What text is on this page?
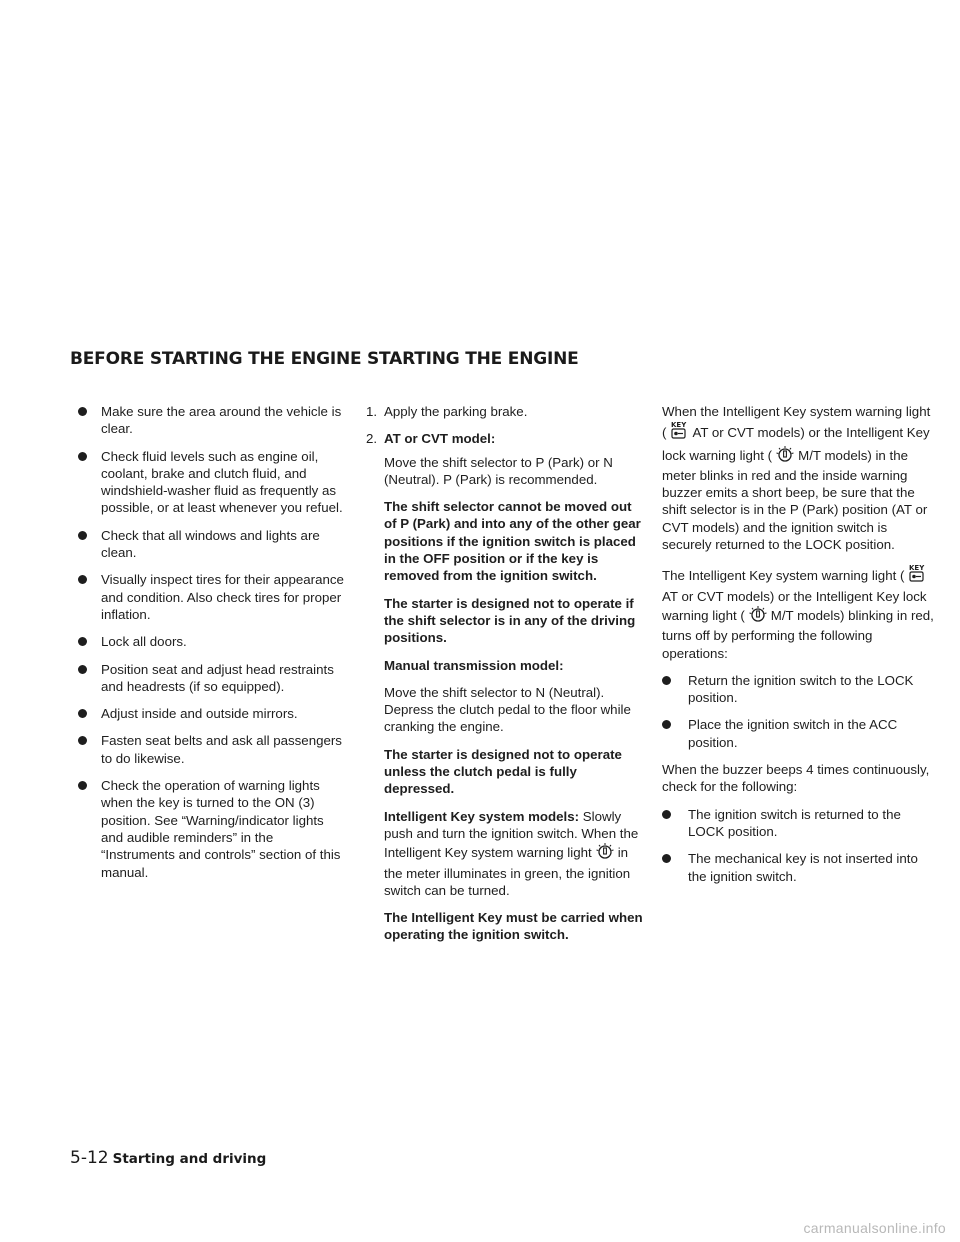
BEFORE STARTING THE ENGINE STARTING THE ENGINE
Make sure the area around the vehicle is clear.
Check fluid levels such as engine oil, coolant, brake and clutch fluid, and windshield-washer fluid as frequently as possible, or at least whenever you refuel.
Check that all windows and lights are clean.
Visually inspect tires for their appearance and condition. Also check tires for proper inflation.
Lock all doors.
Position seat and adjust head restraints and headrests (if so equipped).
Adjust inside and outside mirrors.
Fasten seat belts and ask all passengers to do likewise.
Check the operation of warning lights when the key is turned to the ON (3) position. See “Warning/indicator lights and audible reminders” in the “Instruments and controls” section of this manual.
1. Apply the parking brake.
2. AT or CVT model:
Move the shift selector to P (Park) or N (Neutral). P (Park) is recommended.
The shift selector cannot be moved out of P (Park) and into any of the other gear positions if the ignition switch is placed in the OFF position or if the key is removed from the ignition switch.
The starter is designed not to operate if the shift selector is in any of the driving positions.
Manual transmission model:
Move the shift selector to N (Neutral). Depress the clutch pedal to the floor while cranking the engine.
The starter is designed not to operate unless the clutch pedal is fully depressed.
Intelligent Key system models: Slowly push and turn the ignition switch. When the Intelligent Key system warning light in the meter illuminates in green, the ignition switch can be turned.
The Intelligent Key must be carried when operating the ignition switch.
When the Intelligent Key system warning light ( KEY AT or CVT models) or the Intelligent Key lock warning light ( M/T models) in the meter blinks in red and the inside warning buzzer emits a short beep, be sure that the shift selector is in the P (Park) position (AT or CVT models) and the ignition switch is securely returned to the LOCK position.
The Intelligent Key system warning light ( KEY
AT or CVT models) or the Intelligent Key lock warning light ( M/T models) blinking in red, turns off by performing the following operations:
Return the ignition switch to the LOCK position.
Place the ignition switch in the ACC position.
When the buzzer beeps 4 times continuously, check for the following:
The ignition switch is returned to the LOCK position.
The mechanical key is not inserted into the ignition switch.
5-12 Starting and driving
carmanualsonline.info
